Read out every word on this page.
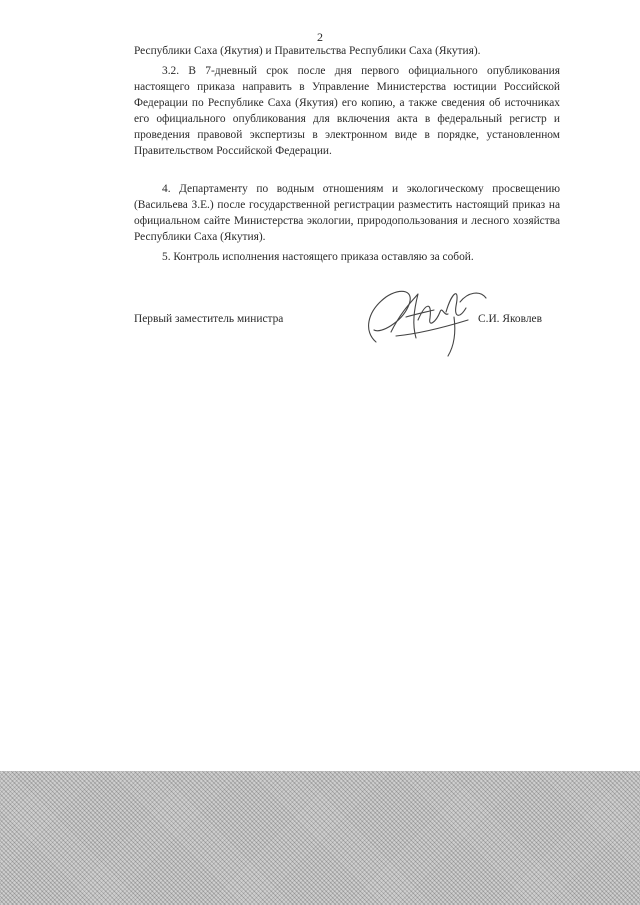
2

Республики Саха (Якутия) и Правительства Республики Саха (Якутия).

3.2. В 7-дневный срок после дня первого официального опубликования настоящего приказа направить в Управление Министерства юстиции Российской Федерации по Республике Саха (Якутия) его копию, а также сведения об источниках его официального опубликования для включения акта в федеральный регистр и проведения правовой экспертизы в электронном виде в порядке, установленном Правительством Российской Федерации.

4. Департаменту по водным отношениям и экологическому просвещению (Васильева З.Е.) после государственной регистрации разместить настоящий приказ на официальном сайте Министерства экологии, природопользования и лесного хозяйства Республики Саха (Якутия).

5. Контроль исполнения настоящего приказа оставляю за собой.

Первый заместитель министра	С.И. Яковлев
